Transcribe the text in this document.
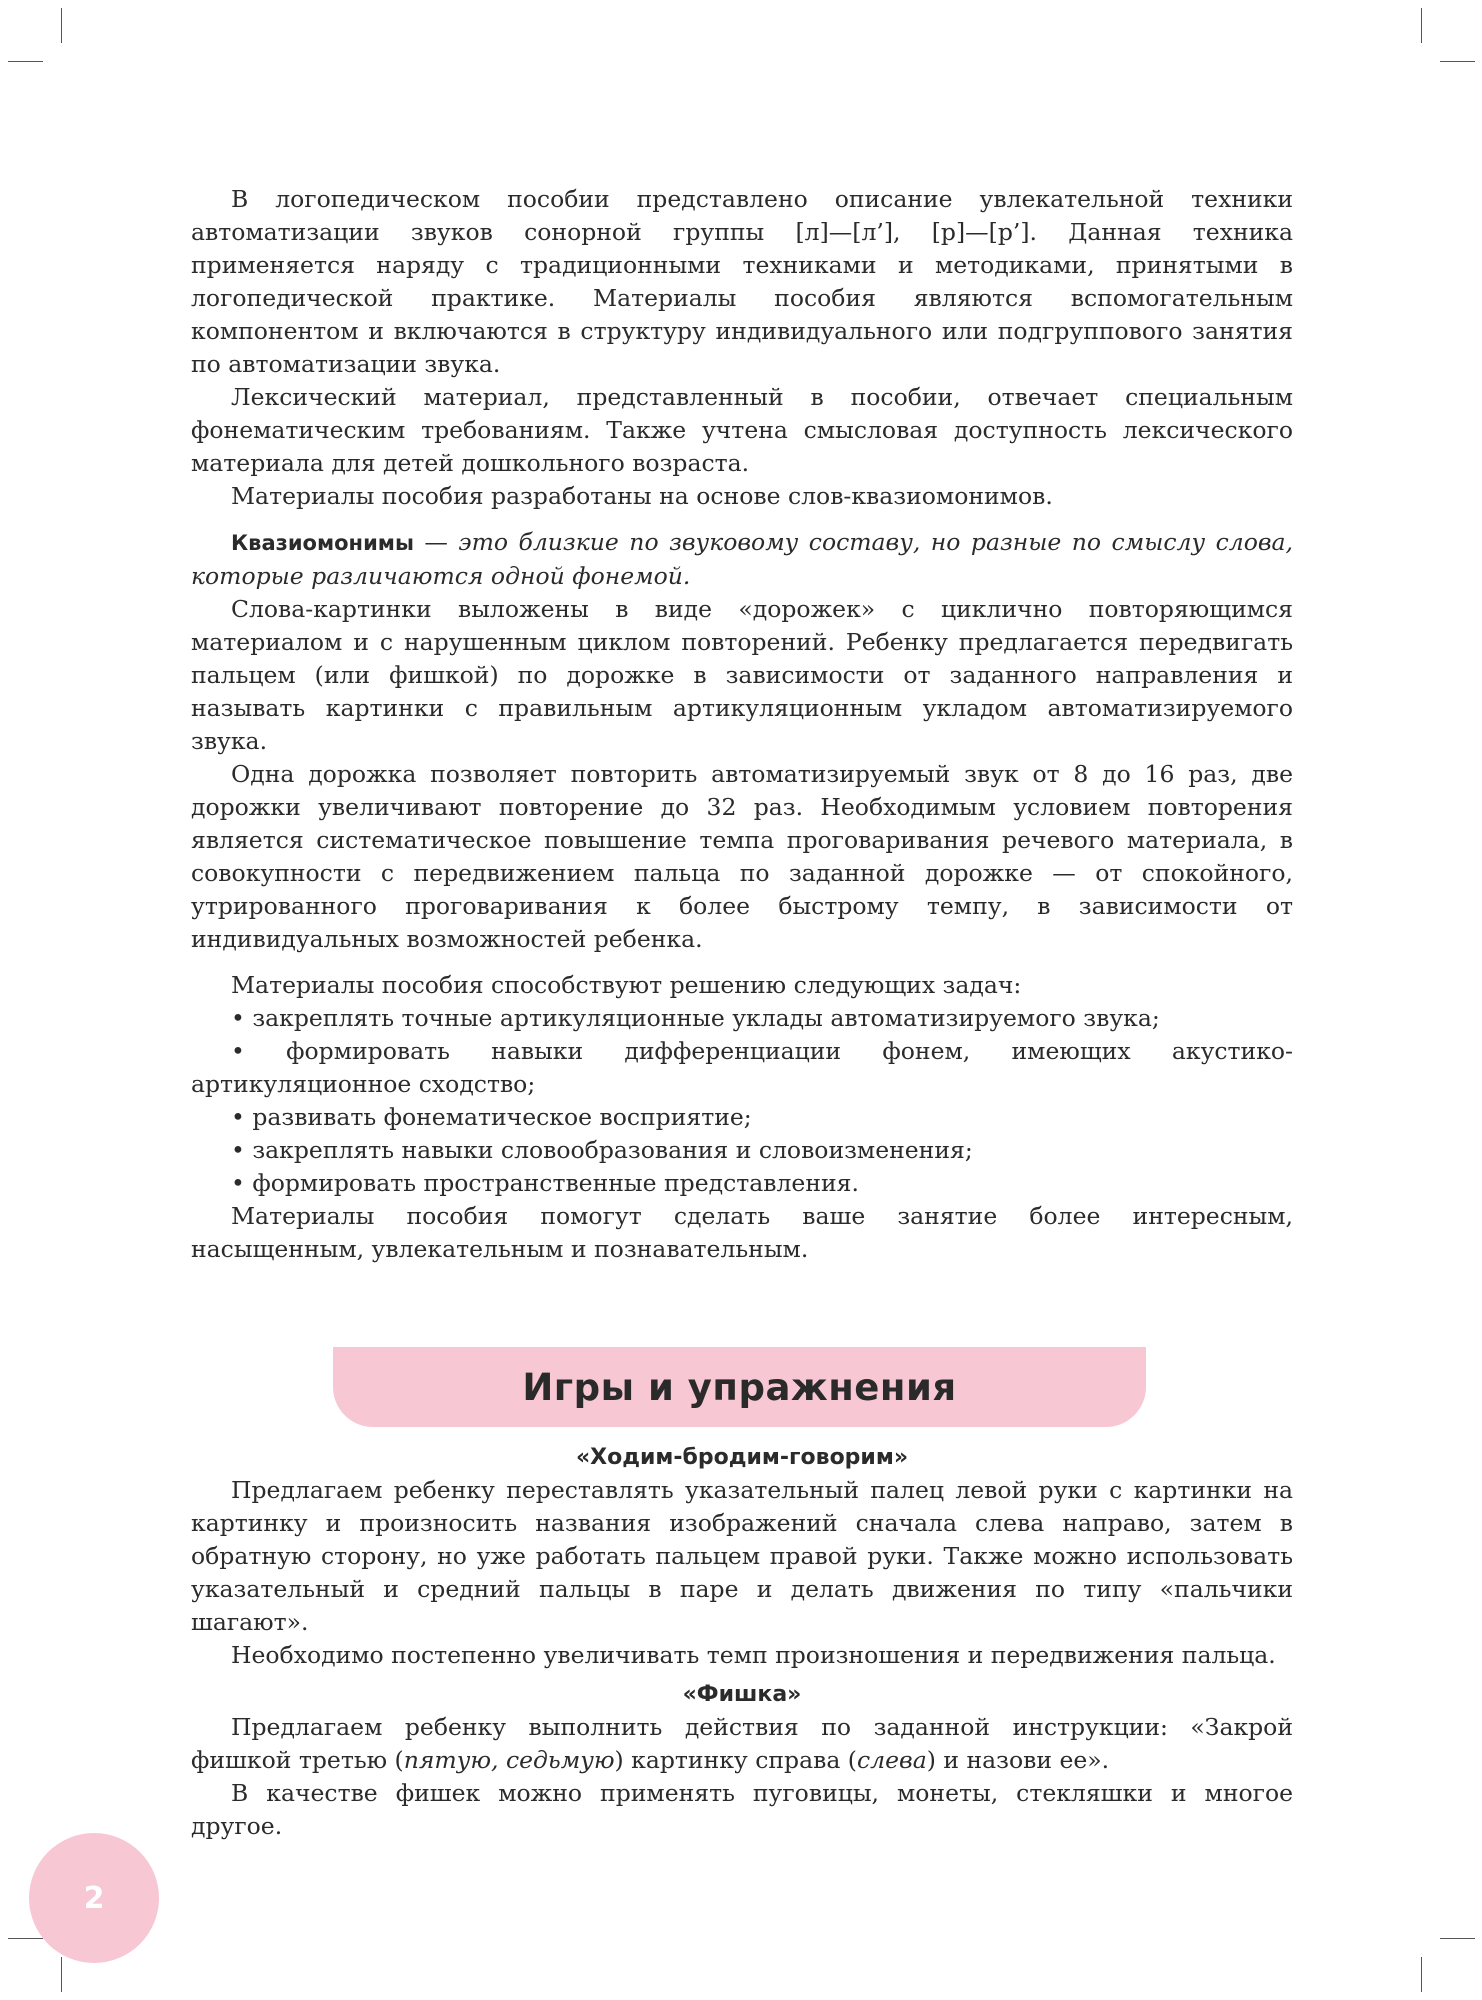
В логопедическом пособии представлено описание увлекательной техники автоматизации звуков сонорной группы [л]—[л’], [р]—[р’]. Данная техника применяется наряду с традиционными техниками и методиками, принятыми в логопедической практике. Материалы пособия являются вспомогательным компонентом и включаются в структуру индивидуального или подгруппового занятия по автоматизации звука.

Лексический материал, представленный в пособии, отвечает специальным фонематическим требованиям. Также учтена смысловая доступность лексического материала для детей дошкольного возраста.

Материалы пособия разработаны на основе слов-квазиомонимов.

Квазиомонимы — это близкие по звуковому составу, но разные по смыслу слова, которые различаются одной фонемой.

Слова-картинки выложены в виде «дорожек» с циклично повторяющимся материалом и с нарушенным циклом повторений. Ребенку предлагается передвигать пальцем (или фишкой) по дорожке в зависимости от заданного направления и называть картинки с правильным артикуляционным укладом автоматизируемого звука.

Одна дорожка позволяет повторить автоматизируемый звук от 8 до 16 раз, две дорожки увеличивают повторение до 32 раз. Необходимым условием повторения является систематическое повышение темпа проговаривания речевого материала, в совокупности с передвижением пальца по заданной дорожке — от спокойного, утрированного проговаривания к более быстрому темпу, в зависимости от индивидуальных возможностей ребенка.

Материалы пособия способствуют решению следующих задач:

• закреплять точные артикуляционные уклады автоматизируемого звука;

• формировать навыки дифференциации фонем, имеющих акустико-артикуляционное сходство;

• развивать фонематическое восприятие;

• закреплять навыки словообразования и словоизменения;

• формировать пространственные представления.

Материалы пособия помогут сделать ваше занятие более интересным, насыщенным, увлекательным и познавательным.

Игры и упражнения

«Ходим-бродим-говорим»

Предлагаем ребенку переставлять указательный палец левой руки с картинки на картинку и произносить названия изображений сначала слева направо, затем в обратную сторону, но уже работать пальцем правой руки. Также можно использовать указательный и средний пальцы в паре и делать движения по типу «пальчики шагают».

Необходимо постепенно увеличивать темп произношения и передвижения пальца.

«Фишка»

Предлагаем ребенку выполнить действия по заданной инструкции: «Закрой фишкой третью (пятую, седьмую) картинку справа (слева) и назови ее».

В качестве фишек можно применять пуговицы, монеты, стекляшки и многое другое.

2
